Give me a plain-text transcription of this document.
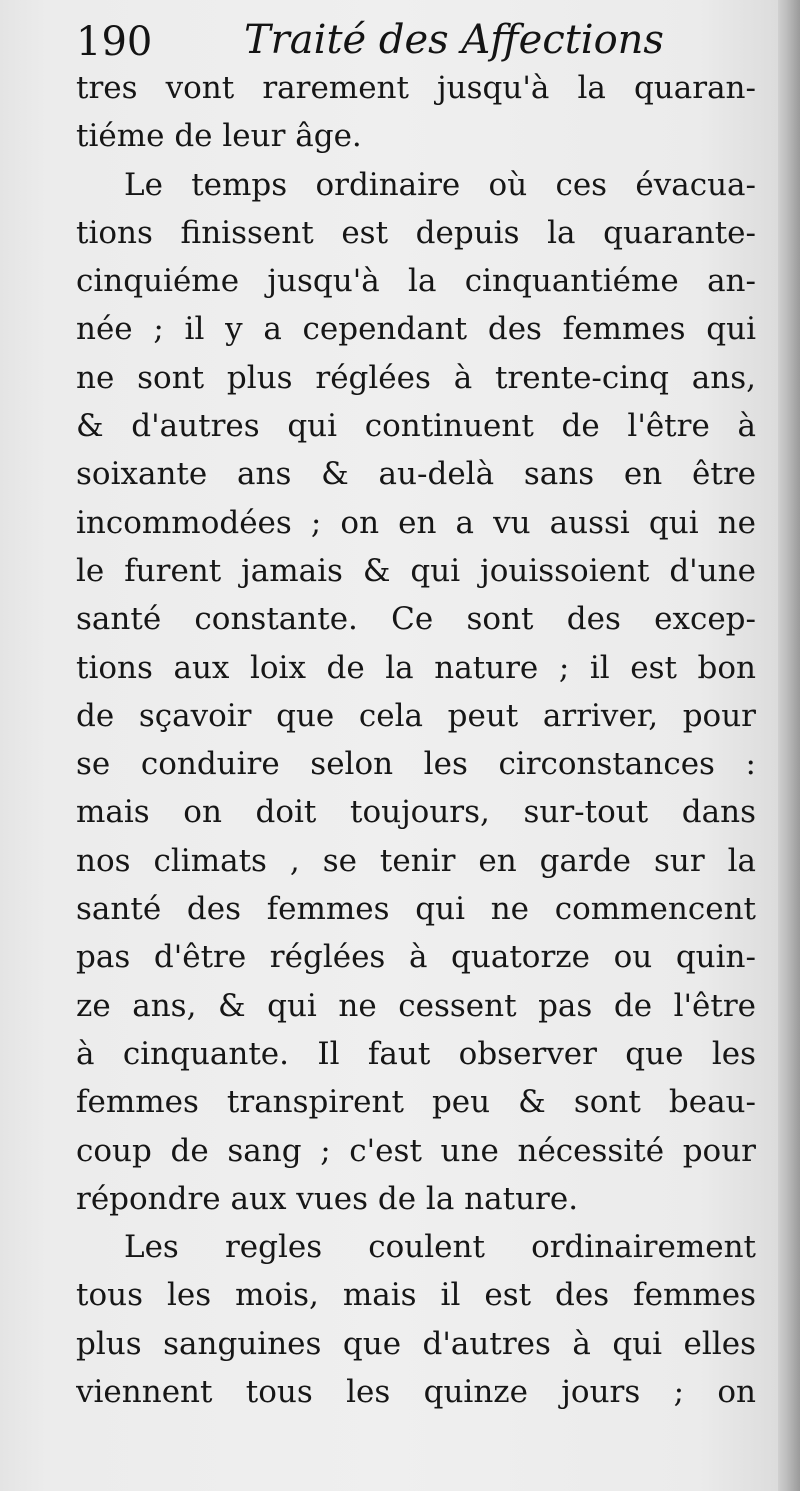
190 Traité des Affections
tres vont rarement jusqu'à la quaran-
tiéme de leur âge.
Le temps ordinaire où ces évacua-
tions finissent est depuis la quarante-
cinquiéme jusqu'à la cinquantiéme an-
née ; il y a cependant des femmes qui
ne sont plus réglées à trente-cinq ans,
& d'autres qui continuent de l'être à
soixante ans & au-delà sans en être
incommodées ; on en a vu aussi qui ne
le furent jamais & qui jouissoient d'une
santé constante. Ce sont des excep-
tions aux loix de la nature ; il est bon
de sçavoir que cela peut arriver, pour
se conduire selon les circonstances :
mais on doit toujours, sur-tout dans
nos climats , se tenir en garde sur la
santé des femmes qui ne commencent
pas d'être réglées à quatorze ou quin-
ze ans, & qui ne cessent pas de l'être
à cinquante. Il faut observer que les
femmes transpirent peu & sont beau-
coup de sang ; c'est une nécessité pour
répondre aux vues de la nature.
Les regles coulent ordinairement
tous les mois, mais il est des femmes
plus sanguines que d'autres à qui elles
viennent tous les quinze jours ; on
